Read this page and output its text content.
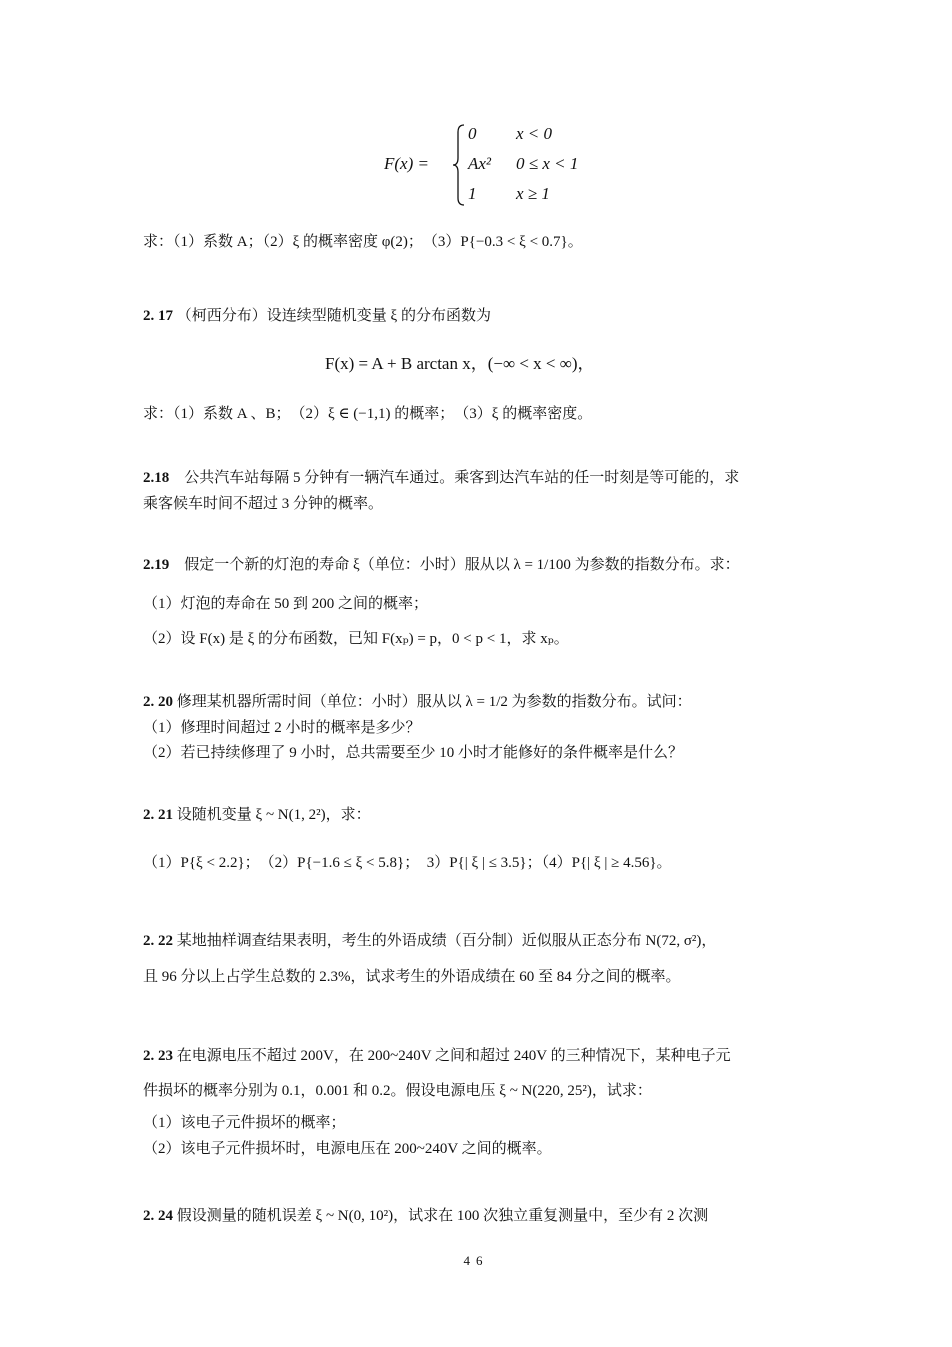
F(x) =
0 x < 0
Ax² 0 ≤ x < 1
1 x ≥ 1
求：（1）系数 A；（2）ξ 的概率密度 φ(2)；　（3）P{−0.3 < ξ < 0.7}。
2. 17 （柯西分布）设连续型随机变量 ξ 的分布函数为
F(x) = A + B arctan x，(−∞ < x < ∞)，
求：（1）系数 A 、B；　（2）ξ ∈ (−1,1) 的概率；　（3）ξ 的概率密度。
2.18　公共汽车站每隔 5 分钟有一辆汽车通过。乘客到达汽车站的任一时刻是等可能的，求
乘客候车时间不超过 3 分钟的概率。
2.19　假定一个新的灯泡的寿命 ξ（单位：小时）服从以 λ = 1/100 为参数的指数分布。求：
（1）灯泡的寿命在 50 到 200 之间的概率；
（2）设 F(x) 是 ξ 的分布函数，已知 F(xₚ) = p，0 < p < 1，求 xₚ。
2. 20 修理某机器所需时间（单位：小时）服从以 λ = 1/2 为参数的指数分布。试问：
（1）修理时间超过 2 小时的概率是多少？
（2）若已持续修理了 9 小时，总共需要至少 10 小时才能修好的条件概率是什么？
2. 21 设随机变量 ξ ~ N(1, 2²)，求：
（1）P{ξ < 2.2}；　（2）P{−1.6 ≤ ξ < 5.8}；　3）P{| ξ | ≤ 3.5}；（4）P{| ξ | ≥ 4.56}。
2. 22 某地抽样调查结果表明，考生的外语成绩（百分制）近似服从正态分布 N(72, σ²)，
且 96 分以上占学生总数的 2.3%，试求考生的外语成绩在 60 至 84 分之间的概率。
2. 23 在电源电压不超过 200V，在 200~240V 之间和超过 240V 的三种情况下，某种电子元
件损坏的概率分别为 0.1，0.001 和 0.2。假设电源电压 ξ ~ N(220, 25²)，试求：
（1）该电子元件损坏的概率；
（2）该电子元件损坏时，电源电压在 200~240V 之间的概率。
2. 24 假设测量的随机误差 ξ ~ N(0, 10²)，试求在 100 次独立重复测量中，至少有 2 次测
46
